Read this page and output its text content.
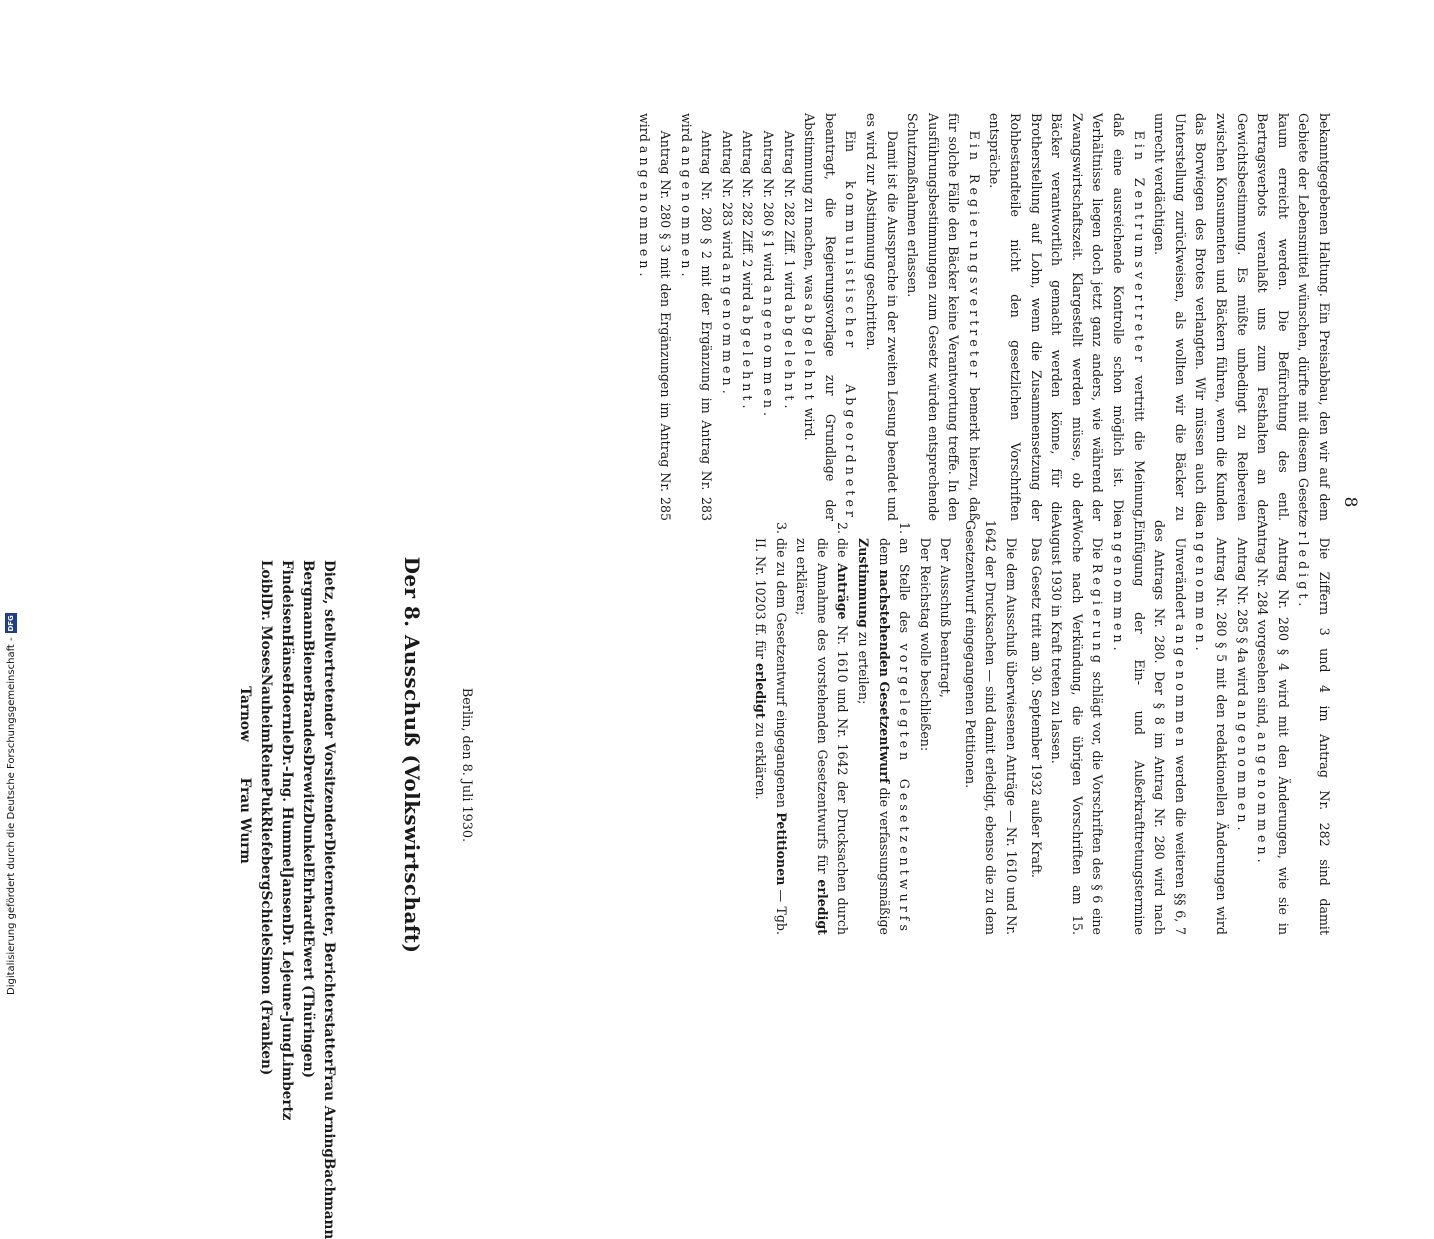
8

bekanntgegebenen Haltung. Ein Preisabbau, den wir auf dem Gebiete der Lebensmittel wünschen, dürfte mit diesem Gesetz kaum erreicht werden. Die Befürchtung des entl. Bertragsverbots veranlaßt uns zum Festhalten an der Gewichtsbestimmung. Es müßte unbedingt zu Reibereien zwischen Konsumenten und Bäckern führen, wenn die Kunden das Borwiegen des Brotes verlangten. Wir müssen auch die Unterstellung zurückweisen, als wollten wir die Bäcker zu unrecht verdächtigen.

Ein Zentrumsvertreter vertritt die Meinung, daß eine ausreichende Kontrolle schon möglich ist. Die Verhältnisse liegen doch jetzt ganz anders, wie während der Zwangswirtschaftszeit. Klargestellt werden müsse, ob der Bäcker verantwortlich gemacht werden könne, für die Brotherstellung auf Lohn, wenn die Zusammensetzung der Rohbestandteile nicht den gesetzlichen Vorschriften entspräche.

Ein Regierungsvertreter bemerkt hierzu, daß für solche Fälle den Bäcker keine Verantwortung treffe. In den Ausführungsbestimmungen zum Gesetz würden entsprechende Schutzmaßnahmen erlassen.

Damit ist die Aussprache in der zweiten Lesung beendet und es wird zur Abstimmung geschritten.

Ein kommunistischer Abgeordneter beantragt, die Regierungsvorlage zur Grundlage der Abstimmung zu machen, was abgelehnt wird.

Antrag Nr. 282 Ziff. 1 wird abgelehnt.

Antrag Nr. 280 § 1 wird angenommen.

Antrag Nr. 282 Ziff. 2 wird abgelehnt.

Antrag Nr. 283 wird angenommen.

Antrag Nr. 280 § 2 mit der Ergänzung im Antrag Nr. 283 wird angenommen.

Antrag Nr. 280 § 3 mit den Ergänzungen im Antrag Nr. 285 wird angenommen.

Die Ziffern 3 und 4 im Antrag Nr. 282 sind damit erledigt.

Antrag Nr. 280 § 4 wird mit den Änderungen, wie sie in Antrag Nr. 284 vorgesehen sind, angenommen.

Antrag Nr. 285 § 4a wird angenommen.

Antrag Nr. 280 § 5 mit den redaktionellen Änderungen wird angenommen.

Unverändert angenommen werden die weiteren §§ 6, 7 des Antrags Nr. 280. Der § 8 im Antrag Nr. 280 wird nach Einfügung der Ein- und Außerkrafttretungstermine angenommen.

Die Regierung schlägt vor, die Vorschriften des § 6 eine Woche nach Verkündung, die übrigen Vorschriften am 15. August 1930 in Kraft treten zu lassen.

Das Gesetz tritt am 30. September 1932 außer Kraft.

Die dem Ausschuß überwiesenen Anträge — Nr. 1610 und Nr. 1642 der Drucksachen — sind damit erledigt, ebenso die zu dem Gesetzentwurf eingegangenen Petitionen.

Der Ausschuß beantragt,

Der Reichstag wolle beschließen:

1. an Stelle des vorgelegten Gesetzentwurfs dem nachstehenden Gesetzentwurf die verfassungsmäßige Zustimmung zu erteilen;
2. die Anträge Nr. 1610 und Nr. 1642 der Drucksachen durch die Annahme des vorstehenden Gesetzentwurfs für erledigt zu erklären;
3. die zu dem Gesetzentwurf eingegangenen Petitionen — Tgb. II. Nr. 10203 ff. für erledigt zu erklären.
Berlin, den 8. Juli 1930.
Der 8. Ausschuß (Volkswirtschaft)
Dietz, stellvertretender Vorsitzender
Dieternetter, Berichterstatter
Frau Arning
Bachmann
Bergmann
Biener
Brandes
Drewitz
Dunkel
Ehrhardt
Ewert (Thüringen)
Findeisen
Hänse
Hoernle
Dr.-Ing. Hummel
Jansen
Dr. Lejeune-Jung
Limbertz
Loibl
Dr. Moses
Nauheim
Reine
Puk
Riefeberg
Schiele
Simon (Franken)
Tarnow
Frau Wurm
Digitalisierung gefördert durch die Deutsche Forschungsgemeinschaft -DFG
